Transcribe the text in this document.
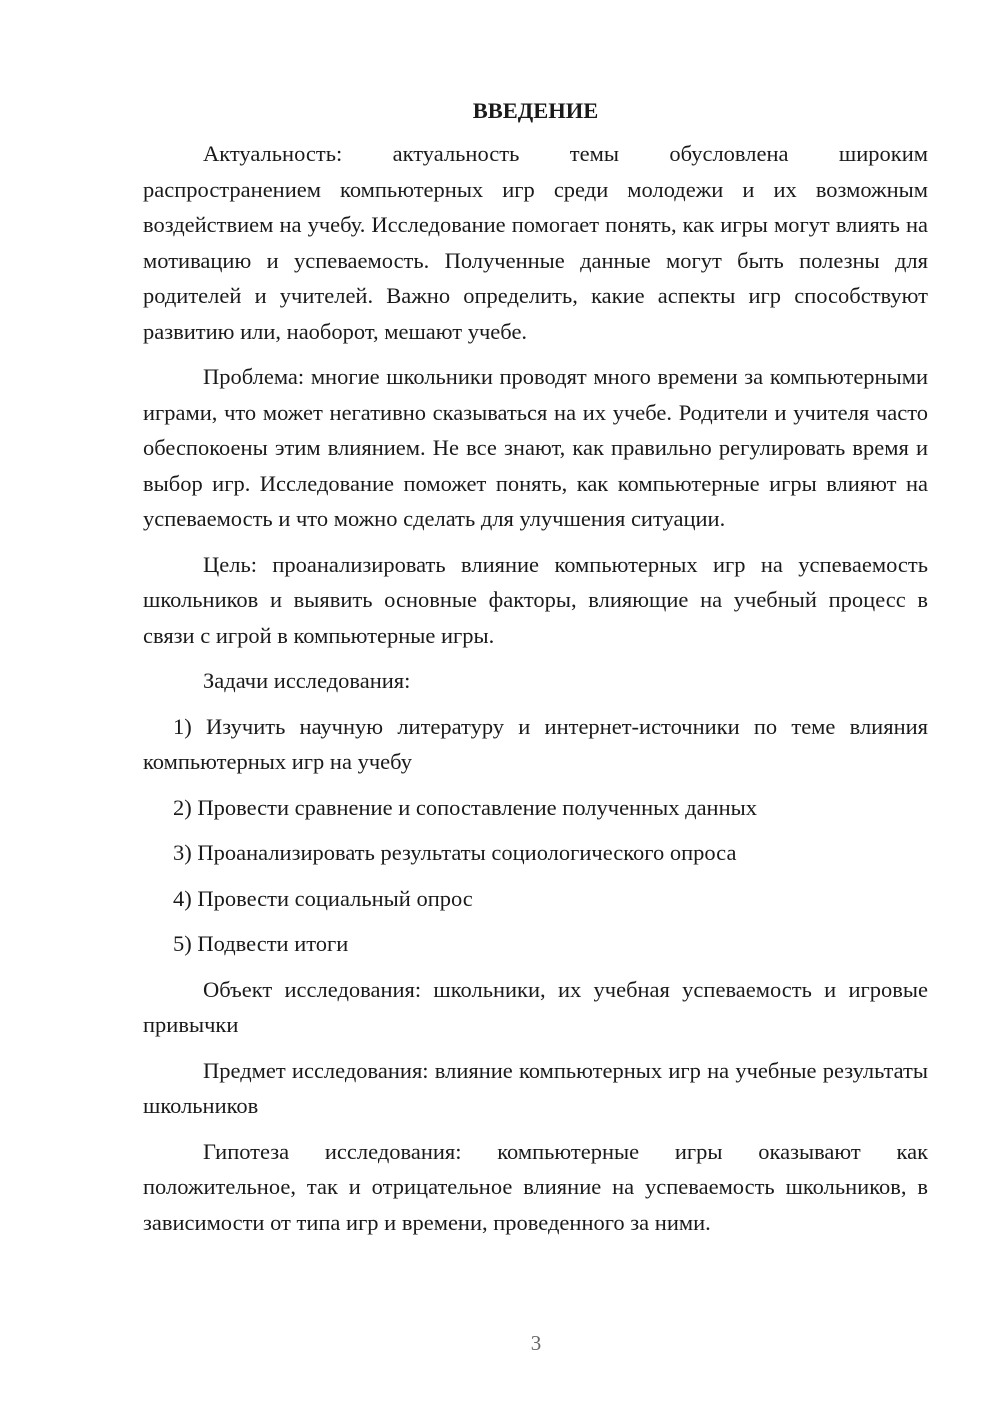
ВВЕДЕНИЕ

Актуальность: актуальность темы обусловлена широким распространением компьютерных игр среди молодежи и их возможным воздействием на учебу. Исследование помогает понять, как игры могут влиять на мотивацию и успеваемость. Полученные данные могут быть полезны для родителей и учителей. Важно определить, какие аспекты игр способствуют развитию или, наоборот, мешают учебе.

Проблема: многие школьники проводят много времени за компьютерными играми, что может негативно сказываться на их учебе. Родители и учителя часто обеспокоены этим влиянием. Не все знают, как правильно регулировать время и выбор игр. Исследование поможет понять, как компьютерные игры влияют на успеваемость и что можно сделать для улучшения ситуации.

Цель: проанализировать влияние компьютерных игр на успеваемость школьников и выявить основные факторы, влияющие на учебный процесс в связи с игрой в компьютерные игры.

Задачи исследования:

1) Изучить научную литературу и интернет-источники по теме влияния компьютерных игр на учебу

2) Провести сравнение и сопоставление полученных данных

3) Проанализировать результаты социологического опроса

4) Провести социальный опрос

5) Подвести итоги

Объект исследования: школьники, их учебная успеваемость и игровые привычки

Предмет исследования: влияние компьютерных игр на учебные результаты школьников

Гипотеза исследования: компьютерные игры оказывают как положительное, так и отрицательное влияние на успеваемость школьников, в зависимости от типа игр и времени, проведенного за ними.

3
